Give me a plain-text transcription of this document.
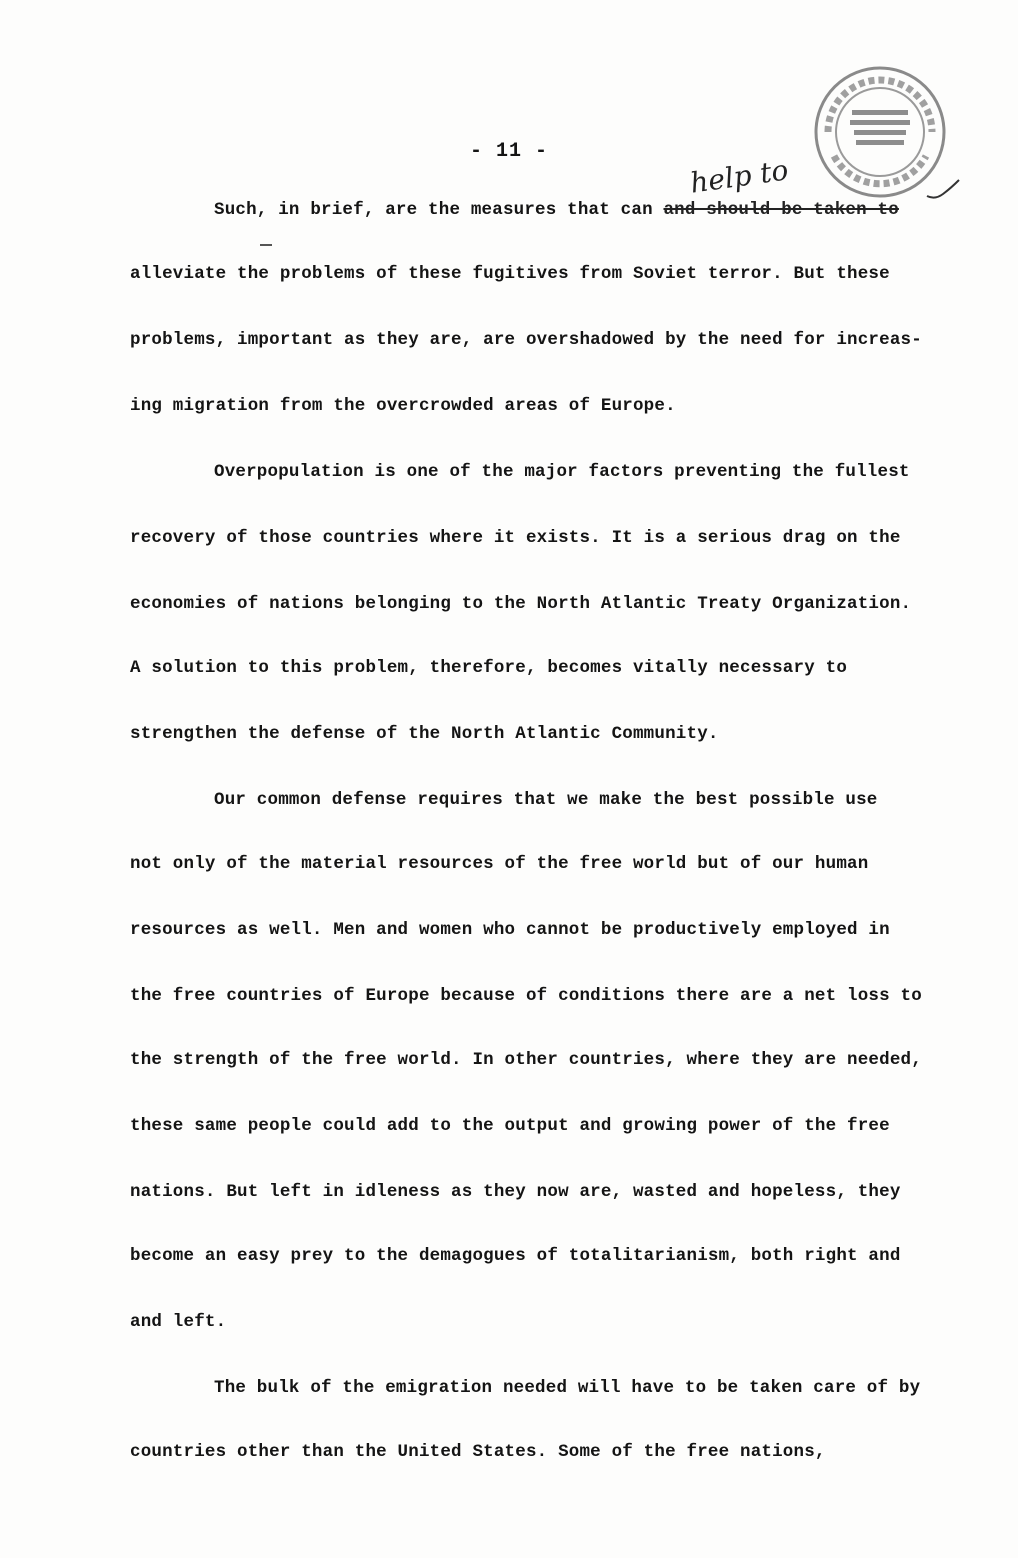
- 11 -
help to
Such, in brief, are the measures that can and should be taken to
alleviate the problems of these fugitives from Soviet terror. But these
problems, important as they are, are overshadowed by the need for increas-
ing migration from the overcrowded areas of Europe.
Overpopulation is one of the major factors preventing the fullest
recovery of those countries where it exists. It is a serious drag on the
economies of nations belonging to the North Atlantic Treaty Organization.
A solution to this problem, therefore, becomes vitally necessary to
strengthen the defense of the North Atlantic Community.
Our common defense requires that we make the best possible use
not only of the material resources of the free world but of our human
resources as well. Men and women who cannot be productively employed in
the free countries of Europe because of conditions there are a net loss to
the strength of the free world. In other countries, where they are needed,
these same people could add to the output and growing power of the free
nations. But left in idleness as they now are, wasted and hopeless, they
become an easy prey to the demagogues of totalitarianism, both right and
and left.
The bulk of the emigration needed will have to be taken care of by
countries other than the United States. Some of the free nations,
